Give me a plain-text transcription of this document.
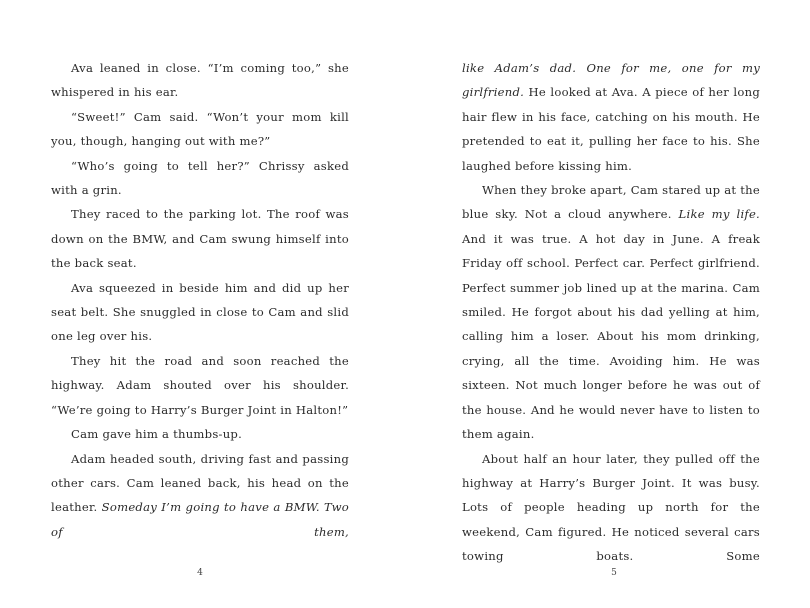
Ava leaned in close. “I’m coming too,” she whispered in his ear.

“Sweet!” Cam said. “Won’t your mom kill you, though, hanging out with me?”

“Who’s going to tell her?” Chrissy asked with a grin.

They raced to the parking lot. The roof was down on the BMW, and Cam swung himself into the back seat.

Ava squeezed in beside him and did up her seat belt. She snuggled in close to Cam and slid one leg over his.

They hit the road and soon reached the highway. Adam shouted over his shoulder. “We’re going to Harry’s Burger Joint in Halton!”

Cam gave him a thumbs-up.

Adam headed south, driving fast and passing other cars. Cam leaned back, his head on the leather. Someday I’m going to have a BMW. Two of them,

4

like Adam’s dad. One for me, one for my girlfriend. He looked at Ava. A piece of her long hair flew in his face, catching on his mouth. He pretended to eat it, pulling her face to his. She laughed before kissing him.

When they broke apart, Cam stared up at the blue sky. Not a cloud anywhere. Like my life. And it was true. A hot day in June. A freak Friday off school. Perfect car. Perfect girlfriend. Perfect summer job lined up at the marina. Cam smiled. He forgot about his dad yelling at him, calling him a loser. About his mom drinking, crying, all the time. Avoiding him. He was sixteen. Not much longer before he was out of the house. And he would never have to listen to them again.

About half an hour later, they pulled off the highway at Harry’s Burger Joint. It was busy. Lots of people heading up north for the weekend, Cam figured. He noticed several cars towing boats. Some

5
